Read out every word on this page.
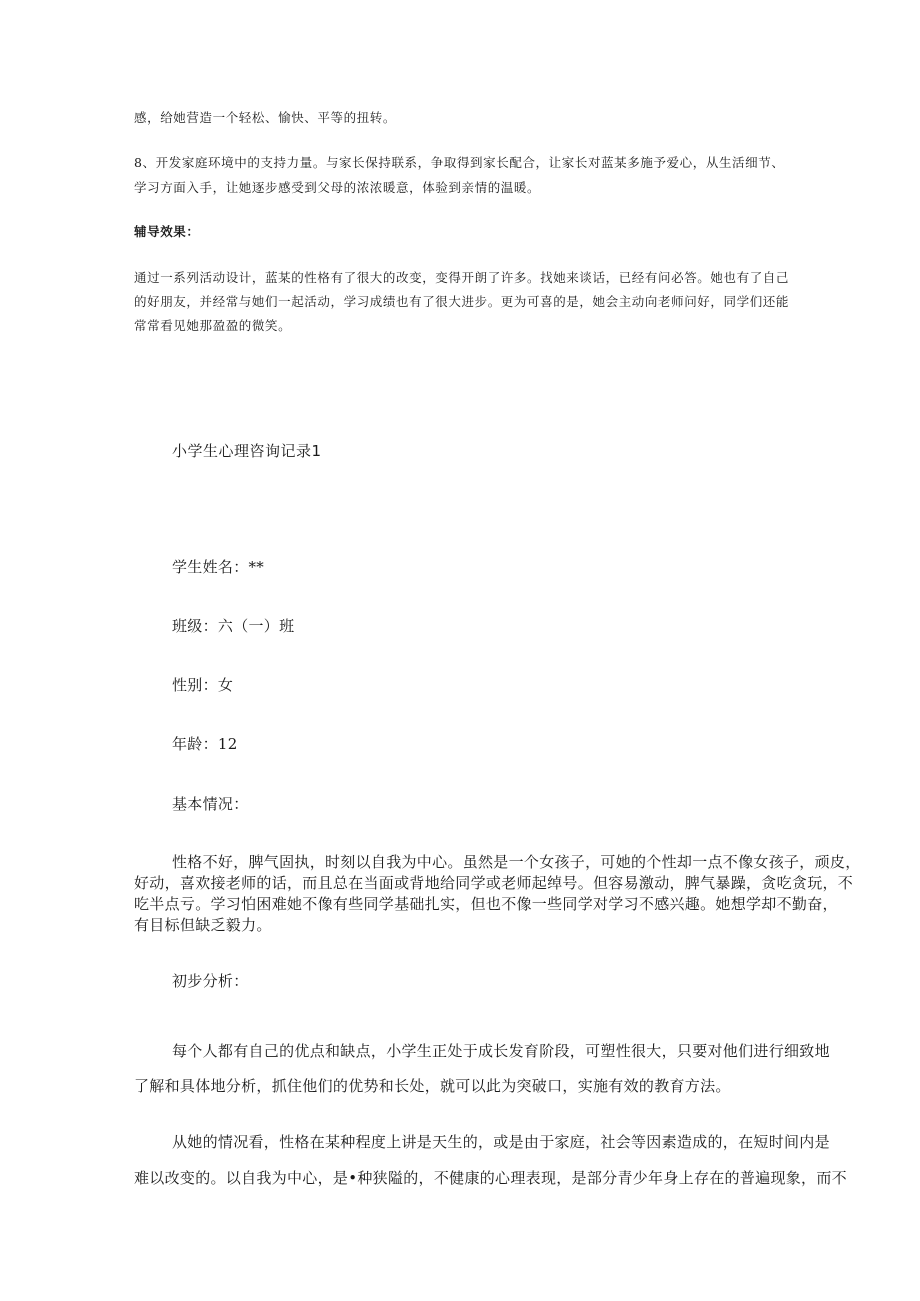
感，给她营造一个轻松、愉快、平等的扭转。

8、开发家庭环境中的支持力量。与家长保持联系，争取得到家长配合，让家长对蓝某多施予爱心，从生活细节、

学习方面入手，让她逐步感受到父母的浓浓暖意，体验到亲情的温暖。

辅导效果：

通过一系列活动设计，蓝某的性格有了很大的改变，变得开朗了许多。找她来谈话，已经有问必答。她也有了自己

的好朋友，并经常与她们一起活动，学习成绩也有了很大进步。更为可喜的是，她会主动向老师问好，同学们还能

常常看见她那盈盈的微笑。

小学生心理咨询记录1

学生姓名：**

班级：六（一）班

性别：女

年龄：12

基本情况：

性格不好，脾气固执，时刻以自我为中心。虽然是一个女孩子，可她的个性却一点不像女孩子，顽皮，

好动，喜欢接老师的话，而且总在当面或背地给同学或老师起绰号。但容易激动，脾气暴躁，贪吃贪玩，不

吃半点亏。学习怕困难她不像有些同学基础扎实，但也不像一些同学对学习不感兴趣。她想学却不勤奋，

有目标但缺乏毅力。

初步分析：

每个人都有自己的优点和缺点，小学生正处于成长发育阶段，可塑性很大，只要对他们进行细致地

了解和具体地分析，抓住他们的优势和长处，就可以此为突破口，实施有效的教育方法。

从她的情况看，性格在某种程度上讲是天生的，或是由于家庭，社会等因素造成的，在短时间内是

难以改变的。以自我为中心，是•种狭隘的，不健康的心理表现，是部分青少年身上存在的普遍现象，而不
